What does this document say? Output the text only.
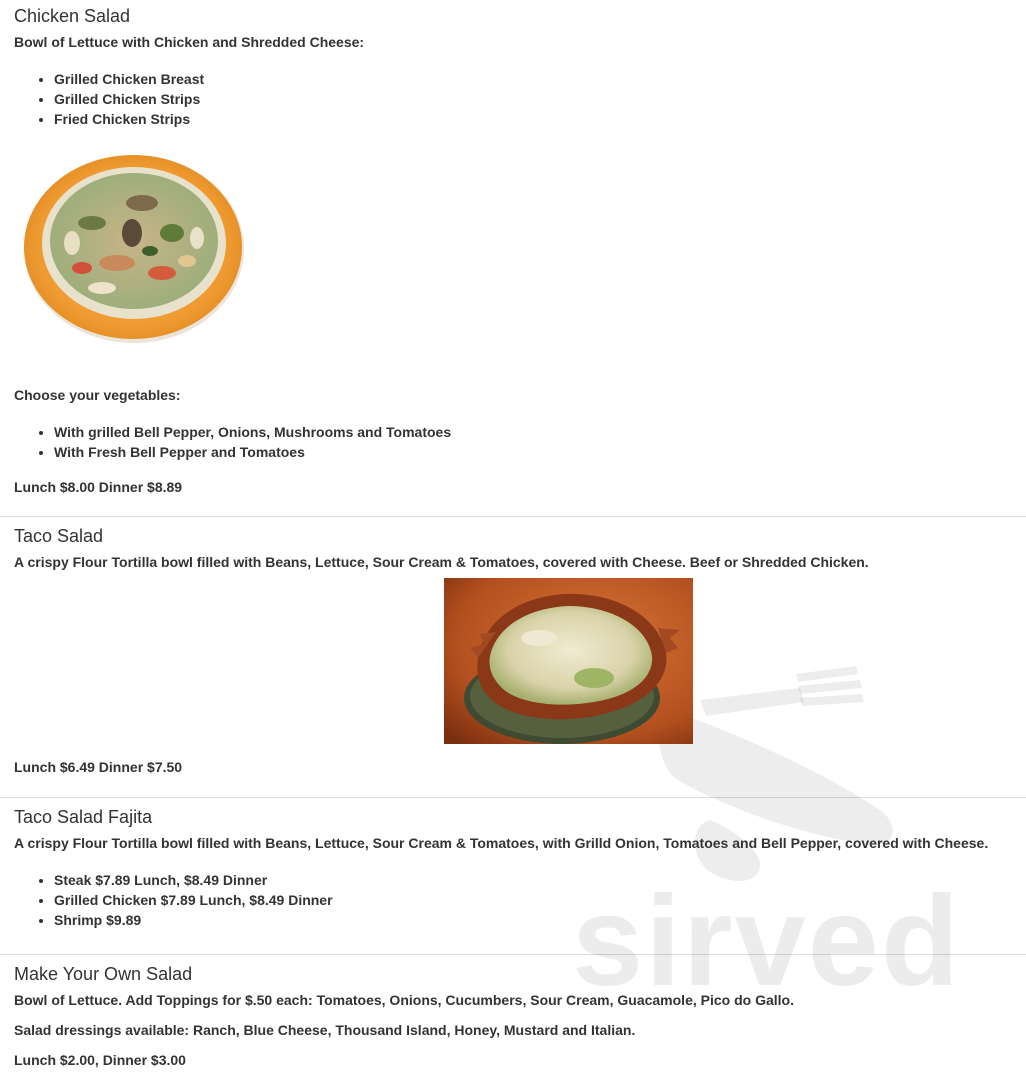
sirved
Chicken Salad

Bowl of Lettuce with Chicken and Shredded Cheese:

• Grilled Chicken Breast
• Grilled Chicken Strips
• Fried Chicken Strips

Choose your vegetables:

• With grilled Bell Pepper, Onions, Mushrooms and Tomatoes
• With Fresh Bell Pepper and Tomatoes

Lunch $8.00 Dinner $8.89

Taco Salad

A crispy Flour Tortilla bowl filled with Beans, Lettuce, Sour Cream & Tomatoes, covered with Cheese. Beef or Shredded Chicken.

Lunch $6.49 Dinner $7.50

Taco Salad Fajita

A crispy Flour Tortilla bowl filled with Beans, Lettuce, Sour Cream & Tomatoes, with Grilld Onion, Tomatoes and Bell Pepper, covered with Cheese.

• Steak $7.89 Lunch, $8.49 Dinner
• Grilled Chicken $7.89 Lunch, $8.49 Dinner
• Shrimp $9.89
Make Your Own Salad

Bowl of Lettuce. Add Toppings for $.50 each: Tomatoes, Onions, Cucumbers, Sour Cream, Guacamole, Pico do Gallo.

Salad dressings available: Ranch, Blue Cheese, Thousand Island, Honey, Mustard and Italian.

Lunch $2.00, Dinner $3.00
